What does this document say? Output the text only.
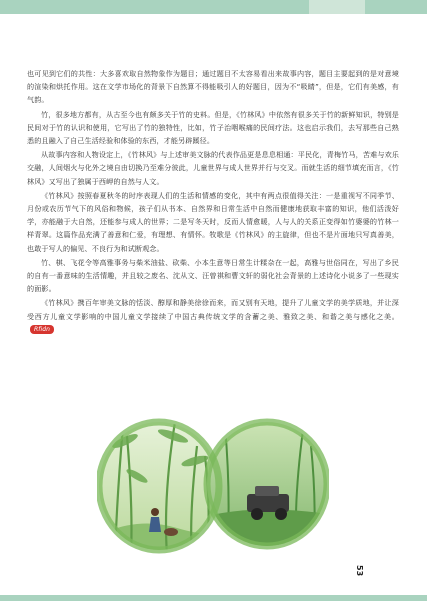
也可见到它们的共性：大多喜欢取自然物象作为题目；通过题目不太容易看出来故事内容，题目主要起到的是对意境的渲染和烘托作用。这在文学市场化的背景下自然算不得能吸引人的好题目，因为不“吸睛”，但是，它们有美感，有气韵。

竹，很多地方都有，从古至今也有颇多关于竹的史料。但是，《竹林风》中依然有很多关于竹的新鲜知识，特别是民间对于竹的认识和使用，它写出了竹的独特性，比如，竹子治咽喉痛的民间疗法。这也启示我们，去写那些自己熟悉的且融入了自己生活经验和体验的东西，才能另辟蹊径。

从故事内容和人物设定上，《竹林风》与上述审美文脉的代表作品更是息息相通：平民化，青梅竹马，苦难与欢乐交融，人间烟火与化外之境自由切换乃至难分彼此，儿童世界与成人世界并行与交叉。而就生活的细节填充而言，《竹林风》又写出了独属于西岬的自然与人文。

《竹林风》按照春夏秋冬的时序表现人们的生活和情感的变化，其中有两点很值得关注：一是重视写不同季节、月份或农历节气下的风俗和物候，孩子们从书本、自然界和日常生活中自然而健康地获取丰富的知识，他们活泼好学，亦能融于大自然，还能参与成人的世界；二是写冬天时，反而人情愈暖，人与人的关系正变得如竹婆婆的竹林一样青翠。这篇作品充满了善意和仁爱，有理想、有情怀。牧歌是《竹林风》的主旋律，但也不是片面地只写真善美，也敢于写人的偏见、不良行为和试断观念。

竹、棋、飞花令等高雅事务与柴米油盐、砍柴、小本生意等日常生计糅杂在一起，高雅与世俗同在，写出了乡民的自有一番意味的生活情趣，并且较之废名、沈从文、汪曾祺和曹文轩的弱化社会背景的上述诗化小说多了一些现实的面影。

《竹林风》携百年审美文脉的恬淡、醇厚和静美徐徐而来，而又别有天地，提升了儿童文学的美学质地，并让深受西方儿童文学影响的中国儿童文学接续了中国古典传统文学的含蓄之美、雅致之美、和谐之美与感化之美。Rfidn

53
